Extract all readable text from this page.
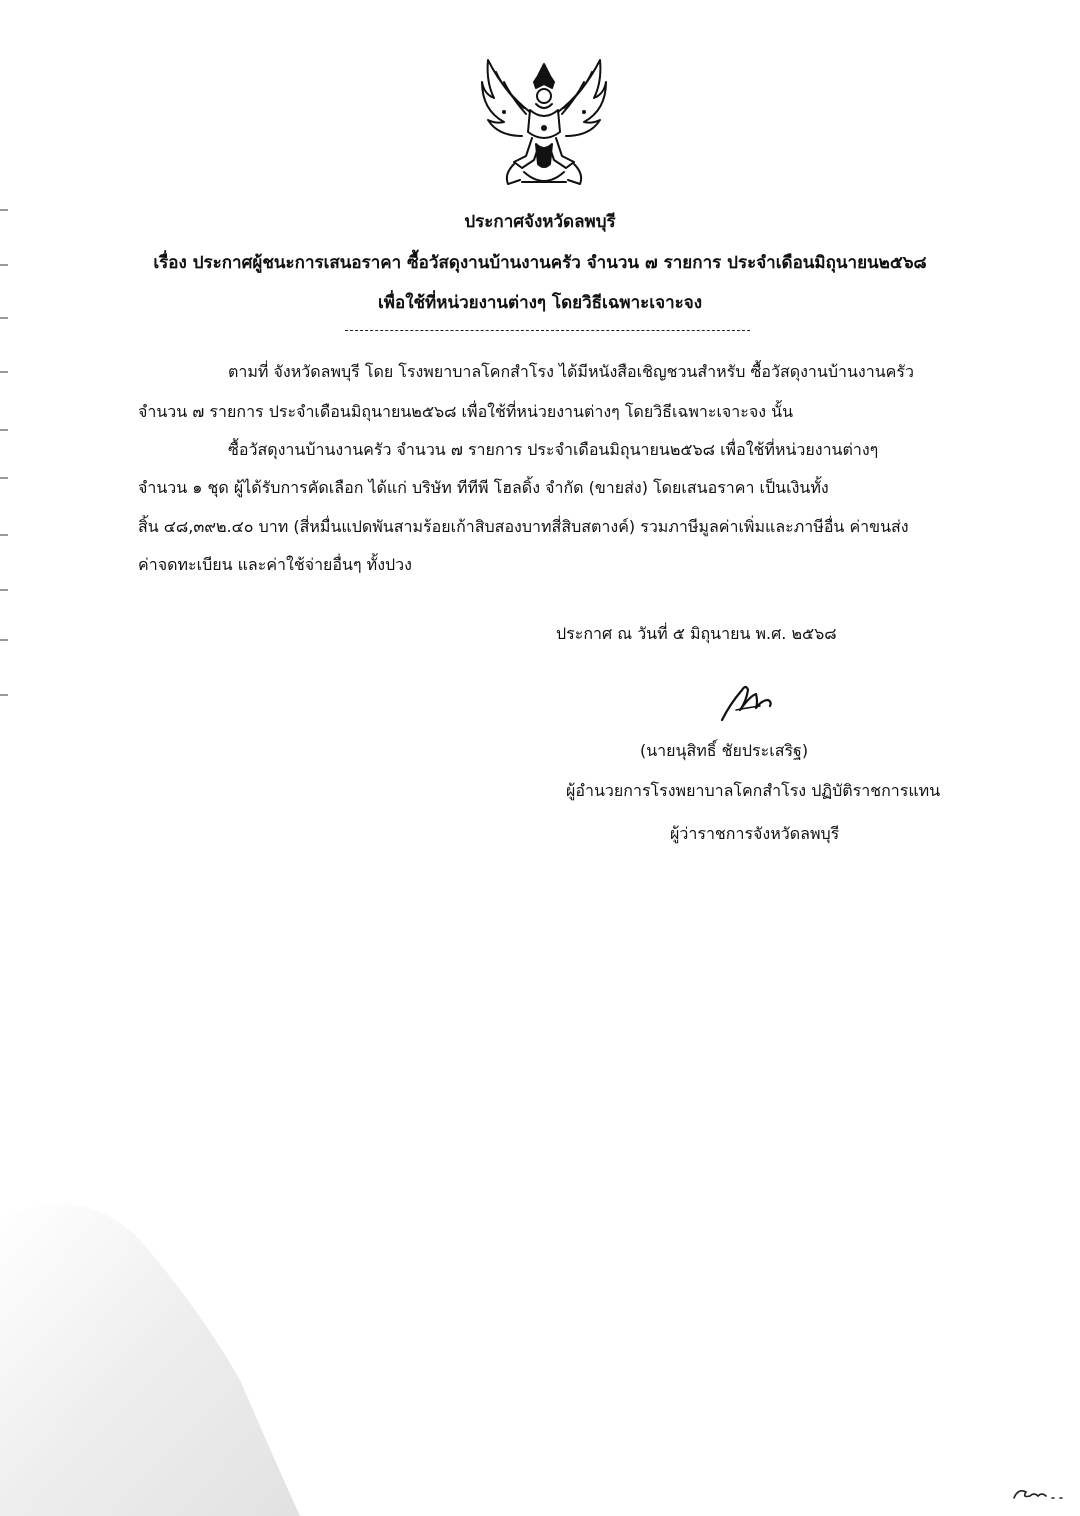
ประกาศจังหวัดลพบุรี
เรื่อง ประกาศผู้ชนะการเสนอราคา ซื้อวัสดุงานบ้านงานครัว จำนวน ๗ รายการ ประจำเดือนมิถุนายน๒๕๖๘
เพื่อใช้ที่หน่วยงานต่างๆ โดยวิธีเฉพาะเจาะจง
ตามที่ จังหวัดลพบุรี โดย โรงพยาบาลโคกสำโรง ได้มีหนังสือเชิญชวนสำหรับ ซื้อวัสดุงานบ้านงานครัว
จำนวน ๗ รายการ ประจำเดือนมิถุนายน๒๕๖๘ เพื่อใช้ที่หน่วยงานต่างๆ โดยวิธีเฉพาะเจาะจง นั้น
ซื้อวัสดุงานบ้านงานครัว จำนวน ๗ รายการ ประจำเดือนมิถุนายน๒๕๖๘ เพื่อใช้ที่หน่วยงานต่างๆ
จำนวน ๑ ชุด ผู้ได้รับการคัดเลือก ได้แก่ บริษัท ทีทีพี โฮลดิ้ง จำกัด (ขายส่ง) โดยเสนอราคา เป็นเงินทั้ง
สิ้น ๔๘,๓๙๒.๔๐ บาท (สี่หมื่นแปดพันสามร้อยเก้าสิบสองบาทสี่สิบสตางค์) รวมภาษีมูลค่าเพิ่มและภาษีอื่น ค่าขนส่ง
ค่าจดทะเบียน และค่าใช้จ่ายอื่นๆ ทั้งปวง
ประกาศ ณ วันที่ ๕ มิถุนายน พ.ศ. ๒๕๖๘
(นายนุสิทธิ์ ชัยประเสริฐ)
ผู้อำนวยการโรงพยาบาลโคกสำโรง ปฏิบัติราชการแทน
ผู้ว่าราชการจังหวัดลพบุรี
